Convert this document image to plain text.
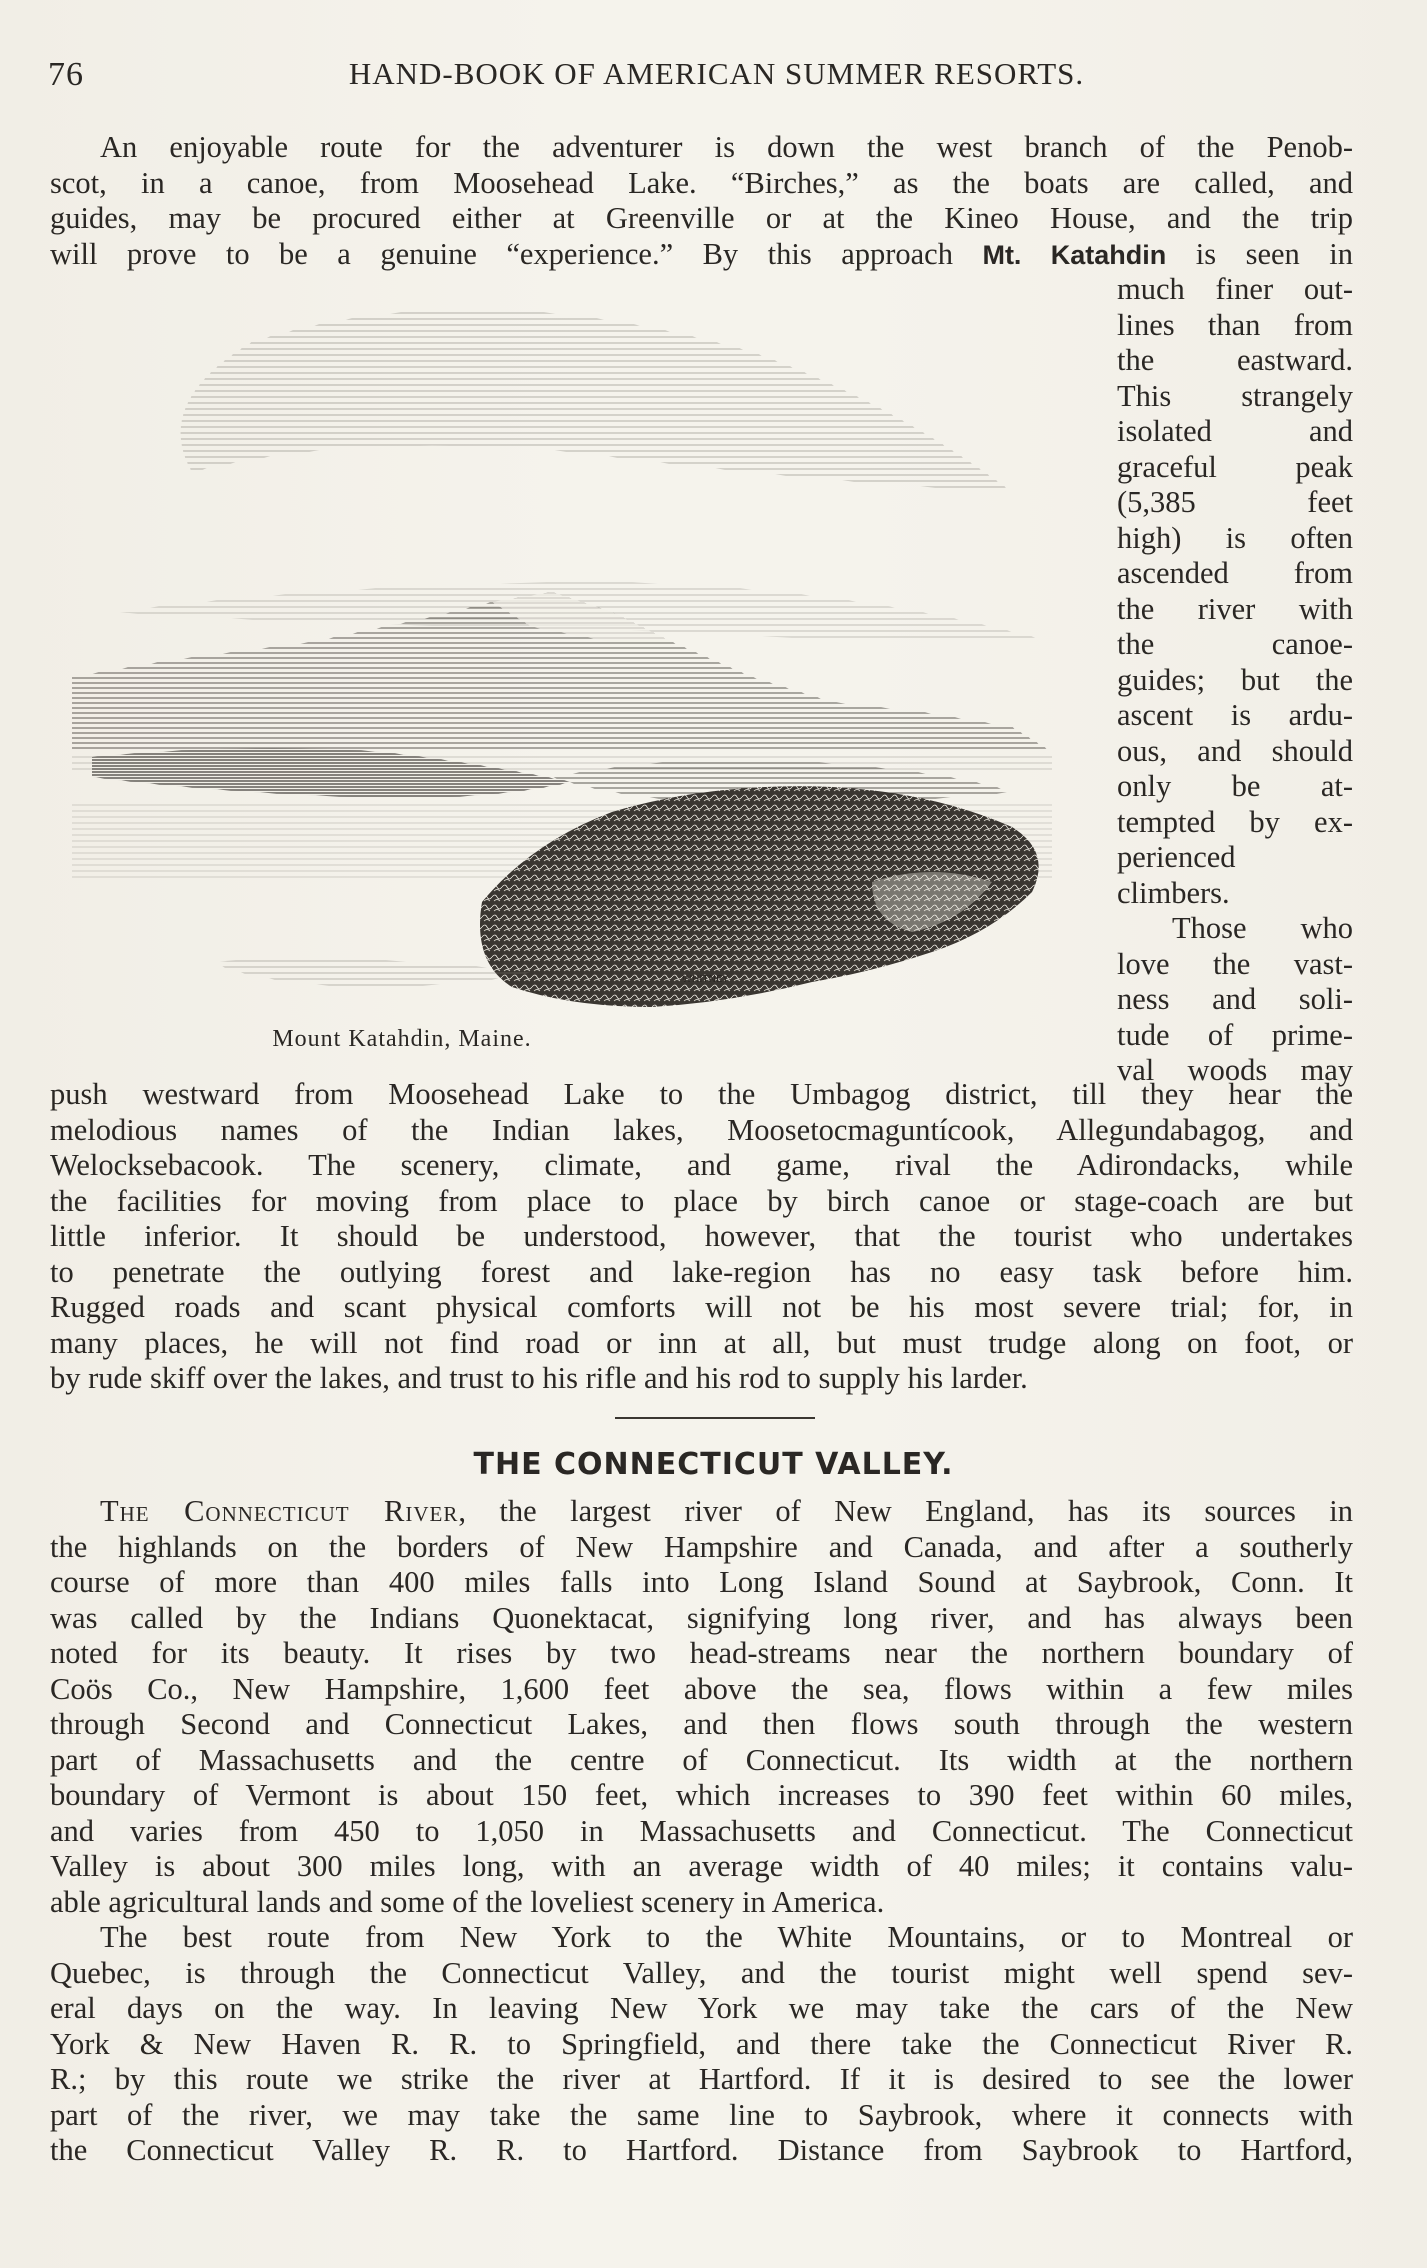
76	HAND-BOOK OF AMERICAN SUMMER RESORTS.
An enjoyable route for the adventurer is down the west branch of the Penob-
scot, in a canoe, from Moosehead Lake. “Birches,” as the boats are called, and
guides, may be procured either at Greenville or at the Kineo House, and the trip
will prove to be a genuine “experience.” By this approach Mt. Katahdin is seen in
WHITNEY
Mount Katahdin, Maine.
much finer out-
lines than from
the eastward.
This strangely
isolated and
graceful peak
(5,385 feet
high) is often
ascended from
the river with
the canoe-
guides; but the
ascent is ardu-
ous, and should
only be at-
tempted by ex-
perienced
climbers.
Those who
love the vast-
ness and soli-
tude of prime-
val woods may
push westward from Moosehead Lake to the Umbagog district, till they hear the
melodious names of the Indian lakes, Moosetocmaguntícook, Allegundabagog, and
Welocksebacook. The scenery, climate, and game, rival the Adirondacks, while
the facilities for moving from place to place by birch canoe or stage-coach are but
little inferior. It should be understood, however, that the tourist who undertakes
to penetrate the outlying forest and lake-region has no easy task before him.
Rugged roads and scant physical comforts will not be his most severe trial; for, in
many places, he will not find road or inn at all, but must trudge along on foot, or
by rude skiff over the lakes, and trust to his rifle and his rod to supply his larder.
THE CONNECTICUT VALLEY.
The Connecticut River, the largest river of New England, has its sources in
the highlands on the borders of New Hampshire and Canada, and after a southerly
course of more than 400 miles falls into Long Island Sound at Saybrook, Conn. It
was called by the Indians Quonektacat, signifying long river, and has always been
noted for its beauty. It rises by two head-streams near the northern boundary of
Coös Co., New Hampshire, 1,600 feet above the sea, flows within a few miles
through Second and Connecticut Lakes, and then flows south through the western
part of Massachusetts and the centre of Connecticut. Its width at the northern
boundary of Vermont is about 150 feet, which increases to 390 feet within 60 miles,
and varies from 450 to 1,050 in Massachusetts and Connecticut. The Connecticut
Valley is about 300 miles long, with an average width of 40 miles; it contains valu-
able agricultural lands and some of the loveliest scenery in America.
The best route from New York to the White Mountains, or to Montreal or
Quebec, is through the Connecticut Valley, and the tourist might well spend sev-
eral days on the way. In leaving New York we may take the cars of the New
York & New Haven R. R. to Springfield, and there take the Connecticut River R.
R.; by this route we strike the river at Hartford. If it is desired to see the lower
part of the river, we may take the same line to Saybrook, where it connects with
the Connecticut Valley R. R. to Hartford. Distance from Saybrook to Hartford,
